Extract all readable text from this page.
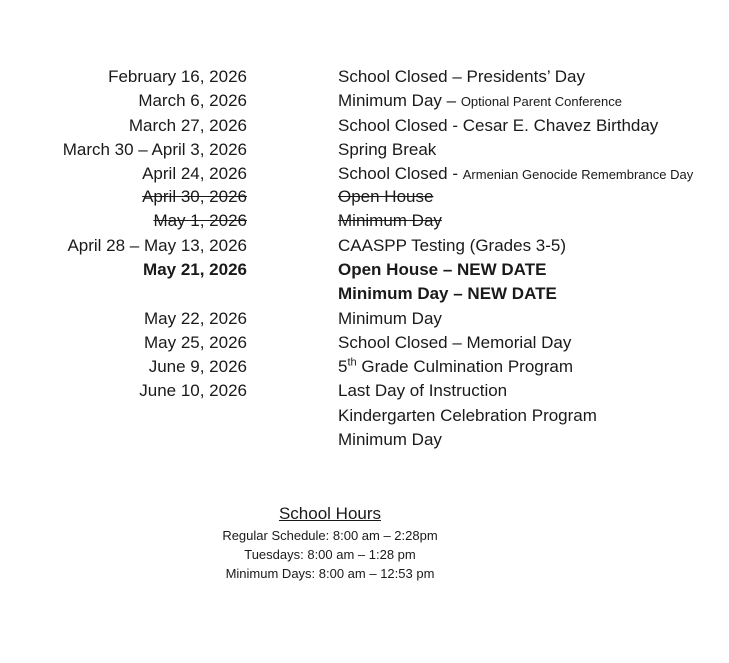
February 16, 2026	School Closed – Presidents’ Day
March 6, 2026	Minimum Day – Optional Parent Conference
March 27, 2026	School Closed - Cesar E. Chavez Birthday
March 30 – April 3, 2026	Spring Break
April 24, 2026	School Closed - Armenian Genocide Remembrance Day
April 30, 2026	Open House
May 1, 2026	Minimum Day
April 28 – May 13, 2026	CAASPP Testing (Grades 3-5)
May 21, 2026	Open House – NEW DATE
Minimum Day – NEW DATE
May 22, 2026	Minimum Day
May 25, 2026	School Closed – Memorial Day
June 9, 2026	5th Grade Culmination Program
June 10, 2026	Last Day of Instruction
Kindergarten Celebration Program
Minimum Day
School Hours
Regular Schedule: 8:00 am – 2:28pm
Tuesdays: 8:00 am – 1:28 pm
Minimum Days: 8:00 am – 12:53 pm
